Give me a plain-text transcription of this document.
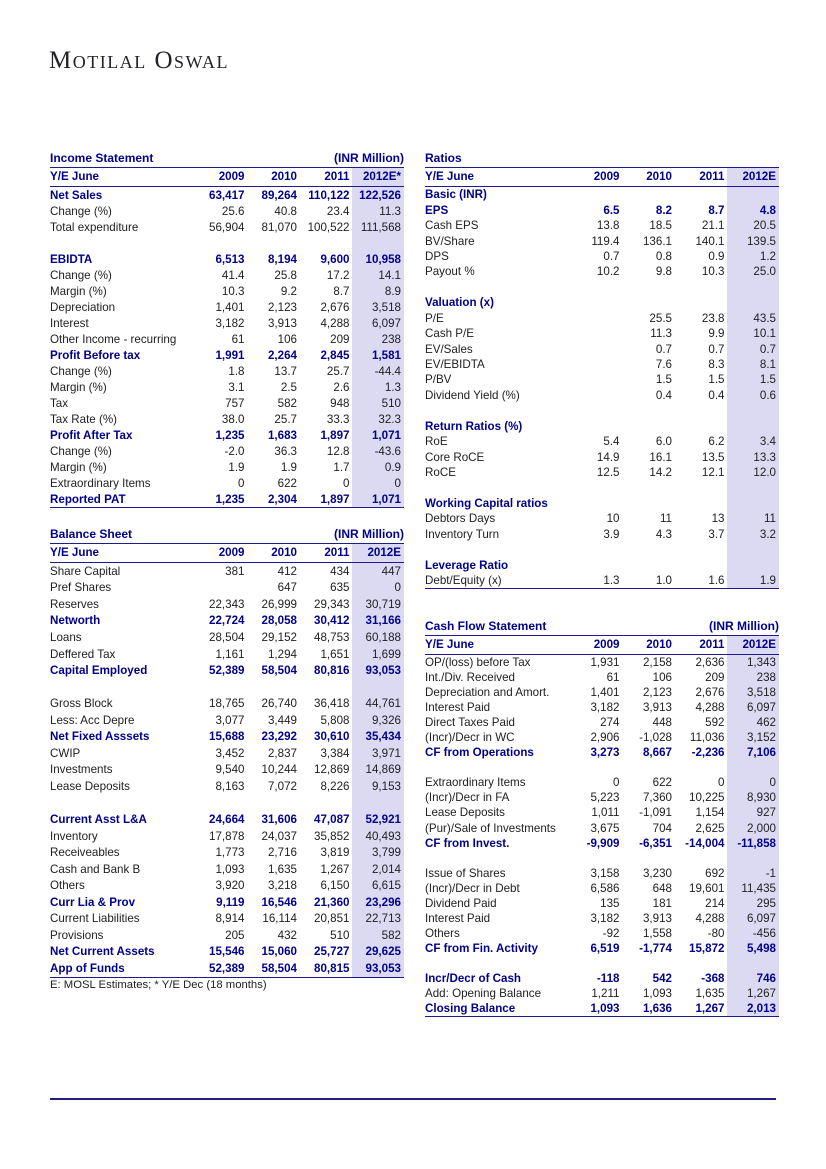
Motilal Oswal
Income Statement	(INR Million)
Y/E June	2009	2010	2011	2012E*
Net Sales	63,417	89,264	110,122	122,526
Change (%)	25.6	40.8	23.4	11.3
Total expenditure	56,904	81,070	100,522	111,568

EBIDTA	6,513	8,194	9,600	10,958
Change (%)	41.4	25.8	17.2	14.1
Margin (%)	10.3	9.2	8.7	8.9
Depreciation	1,401	2,123	2,676	3,518
Interest	3,182	3,913	4,288	6,097
Other Income - recurring	61	106	209	238
Profit Before tax	1,991	2,264	2,845	1,581
Change (%)	1.8	13.7	25.7	-44.4
Margin (%)	3.1	2.5	2.6	1.3
Tax	757	582	948	510
Tax Rate (%)	38.0	25.7	33.3	32.3
Profit After Tax	1,235	1,683	1,897	1,071
Change (%)	-2.0	36.3	12.8	-43.6
Margin (%)	1.9	1.9	1.7	0.9
Extraordinary Items	0	622	0	0
Reported PAT	1,235	2,304	1,897	1,071
Balance Sheet	(INR Million)
Y/E June	2009	2010	2011	2012E
Share Capital	381	412	434	447
Pref Shares		647	635	0
Reserves	22,343	26,999	29,343	30,719
Networth	22,724	28,058	30,412	31,166
Loans	28,504	29,152	48,753	60,188
Deffered Tax	1,161	1,294	1,651	1,699
Capital Employed	52,389	58,504	80,816	93,053

Gross Block	18,765	26,740	36,418	44,761
Less: Acc Depre	3,077	3,449	5,808	9,326
Net Fixed Asssets	15,688	23,292	30,610	35,434
CWIP	3,452	2,837	3,384	3,971
Investments	9,540	10,244	12,869	14,869
Lease Deposits	8,163	7,072	8,226	9,153

Current Asst L&A	24,664	31,606	47,087	52,921
Inventory	17,878	24,037	35,852	40,493
Receiveables	1,773	2,716	3,819	3,799
Cash and Bank B	1,093	1,635	1,267	2,014
Others	3,920	3,218	6,150	6,615
Curr Lia & Prov	9,119	16,546	21,360	23,296
Current Liabilities	8,914	16,114	20,851	22,713
Provisions	205	432	510	582
Net Current Assets	15,546	15,060	25,727	29,625
App of Funds	52,389	58,504	80,815	93,053
Ratios
Y/E June	2009	2010	2011	2012E
Basic (INR)				
EPS	6.5	8.2	8.7	4.8
Cash EPS	13.8	18.5	21.1	20.5
BV/Share	119.4	136.1	140.1	139.5
DPS	0.7	0.8	0.9	1.2
Payout %	10.2	9.8	10.3	25.0

Valuation (x)				
P/E		25.5	23.8	43.5
Cash P/E		11.3	9.9	10.1
EV/Sales		0.7	0.7	0.7
EV/EBIDTA		7.6	8.3	8.1
P/BV		1.5	1.5	1.5
Dividend Yield (%)		0.4	0.4	0.6

Return Ratios (%)				
RoE	5.4	6.0	6.2	3.4
Core RoCE	14.9	16.1	13.5	13.3
RoCE	12.5	14.2	12.1	12.0

Working Capital ratios				
Debtors Days	10	11	13	11
Inventory Turn	3.9	4.3	3.7	3.2

Leverage Ratio				
Debt/Equity (x)	1.3	1.0	1.6	1.9
Cash Flow Statement	(INR Million)
Y/E June	2009	2010	2011	2012E
OP/(loss) before Tax	1,931	2,158	2,636	1,343
Int./Div. Received	61	106	209	238
Depreciation and Amort.	1,401	2,123	2,676	3,518
Interest Paid	3,182	3,913	4,288	6,097
Direct Taxes Paid	274	448	592	462
(Incr)/Decr in WC	2,906	-1,028	11,036	3,152
CF from Operations	3,273	8,667	-2,236	7,106

Extraordinary Items	0	622	0	0
(Incr)/Decr in FA	5,223	7,360	10,225	8,930
Lease Deposits	1,011	-1,091	1,154	927
(Pur)/Sale of Investments	3,675	704	2,625	2,000
CF from Invest.	-9,909	-6,351	-14,004	-11,858

Issue of Shares	3,158	3,230	692	-1
(Incr)/Decr in Debt	6,586	648	19,601	11,435
Dividend Paid	135	181	214	295
Interest Paid	3,182	3,913	4,288	6,097
Others	-92	1,558	-80	-456
CF from Fin. Activity	6,519	-1,774	15,872	5,498

Incr/Decr of Cash	-118	542	-368	746
Add: Opening Balance	1,211	1,093	1,635	1,267
Closing Balance	1,093	1,636	1,267	2,013
E: MOSL Estimates; * Y/E Dec (18 months)
